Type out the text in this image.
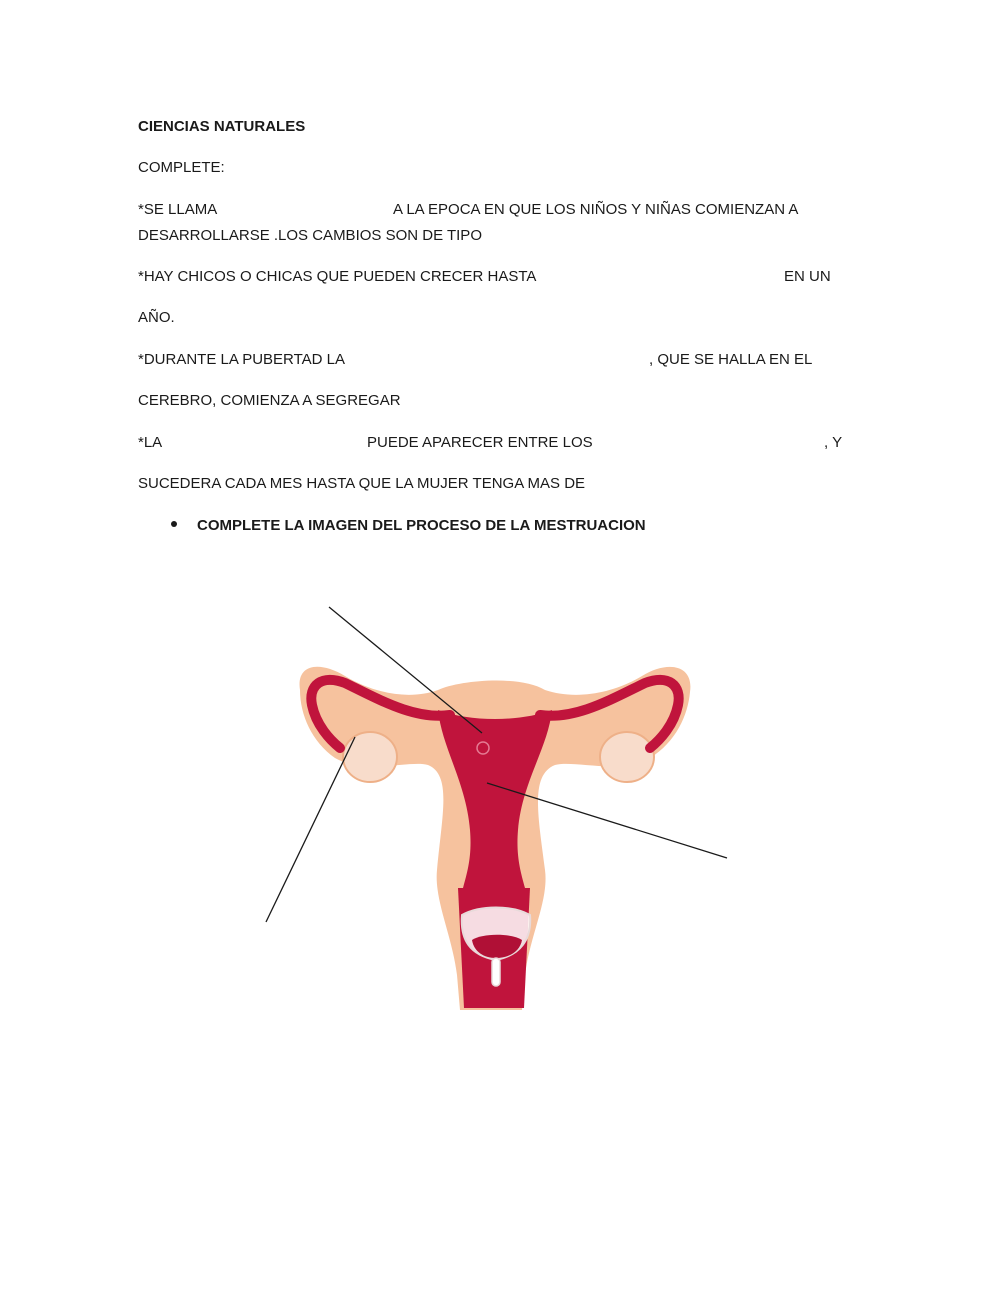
CIENCIAS NATURALES
COMPLETE:
*SE LLAMA	A LA EPOCA EN QUE LOS NIÑOS Y NIÑAS COMIENZAN A
DESARROLLARSE .LOS CAMBIOS SON DE TIPO
*HAY CHICOS O CHICAS QUE PUEDEN CRECER HASTA	EN UN
AÑO.
*DURANTE LA PUBERTAD LA	, QUE SE HALLA EN EL
CEREBRO, COMIENZA A SEGREGAR
*LA	PUEDE APARECER ENTRE LOS	, Y
SUCEDERA CADA MES HASTA QUE LA MUJER TENGA MAS DE
COMPLETE LA IMAGEN DEL PROCESO DE LA MESTRUACION
